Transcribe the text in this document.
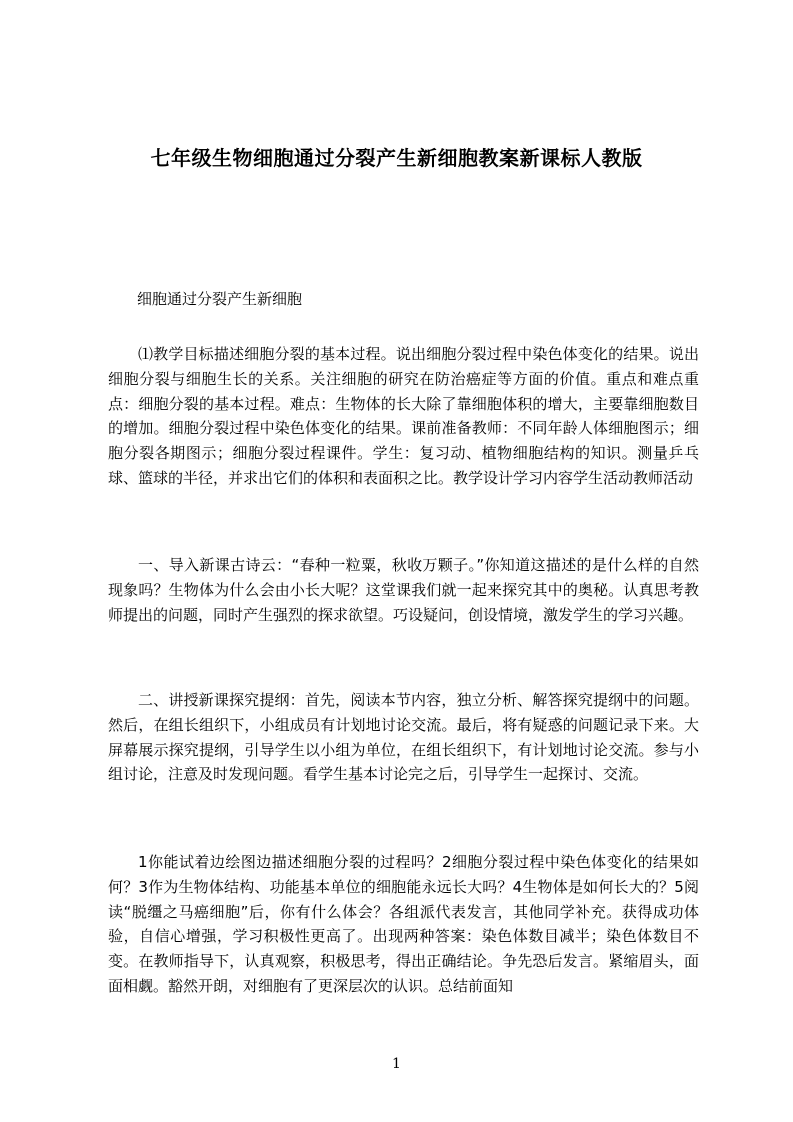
七年级生物细胞通过分裂产生新细胞教案新课标人教版
细胞通过分裂产生新细胞

⑴教学目标描述细胞分裂的基本过程。说出细胞分裂过程中染色体变化的结果。说出细胞分裂与细胞生长的关系。关注细胞的研究在防治癌症等方面的价值。重点和难点重点：细胞分裂的基本过程。难点：生物体的长大除了靠细胞体积的增大，主要靠细胞数目的增加。细胞分裂过程中染色体变化的结果。课前准备教师：不同年龄人体细胞图示；细胞分裂各期图示；细胞分裂过程课件。学生：复习动、植物细胞结构的知识。测量乒乓球、篮球的半径，并求出它们的体积和表面积之比。教学设计学习内容学生活动教师活动

一、导入新课古诗云：“春种一粒粟，秋收万颗子。”你知道这描述的是什么样的自然现象吗？生物体为什么会由小长大呢？这堂课我们就一起来探究其中的奥秘。认真思考教师提出的问题，同时产生强烈的探求欲望。巧设疑问，创设情境，激发学生的学习兴趣。

二、讲授新课探究提纲：首先，阅读本节内容，独立分析、解答探究提纲中的问题。然后，在组长组织下，小组成员有计划地讨论交流。最后，将有疑惑的问题记录下来。大屏幕展示探究提纲，引导学生以小组为单位，在组长组织下，有计划地讨论交流。参与小组讨论，注意及时发现问题。看学生基本讨论完之后，引导学生一起探讨、交流。

1你能试着边绘图边描述细胞分裂的过程吗？2细胞分裂过程中染色体变化的结果如何？3作为生物体结构、功能基本单位的细胞能永远长大吗？4生物体是如何长大的？5阅读“脱缰之马癌细胞”后，你有什么体会？各组派代表发言，其他同学补充。获得成功体验，自信心增强，学习积极性更高了。出现两种答案：染色体数目减半；染色体数目不变。在教师指导下，认真观察，积极思考，得出正确结论。争先恐后发言。紧缩眉头，面面相觑。豁然开朗，对细胞有了更深层次的认识。总结前面知

1
